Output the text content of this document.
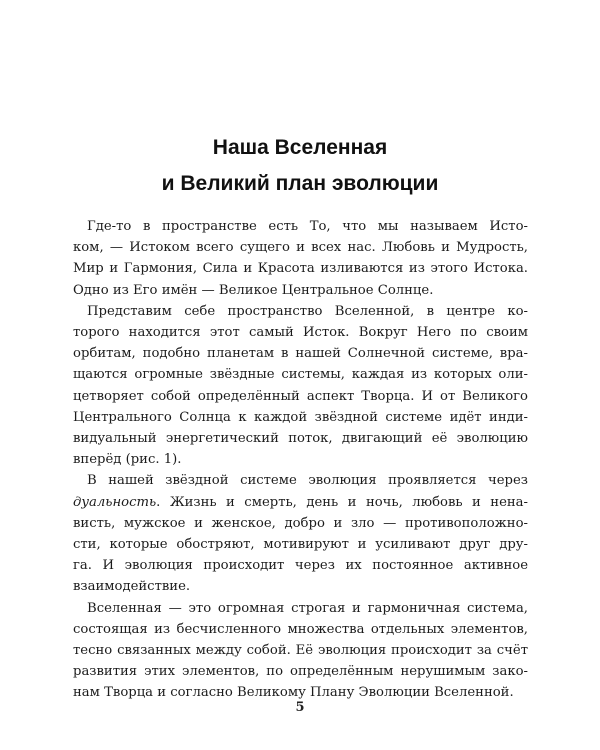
Наша Вселенная
и Великий план эволюции

Где-то в пространстве есть То, что мы называем Исто-
ком, — Истоком всего сущего и всех нас. Любовь и Мудрость,
Мир и Гармония, Сила и Красота изливаются из этого Истока.
Одно из Его имён — Великое Центральное Солнце.

Представим себе пространство Вселенной, в центре ко-
торого находится этот самый Исток. Вокруг Него по своим
орбитам, подобно планетам в нашей Солнечной системе, вра-
щаются огромные звёздные системы, каждая из которых оли-
цетворяет собой определённый аспект Творца. И от Великого
Центрального Солнца к каждой звёздной системе идёт инди-
видуальный энергетический поток, двигающий её эволюцию
вперёд (рис. 1).

В нашей звёздной системе эволюция проявляется через
дуальность. Жизнь и смерть, день и ночь, любовь и нена-
висть, мужское и женское, добро и зло — противоположно-
сти, которые обостряют, мотивируют и усиливают друг дру-
га. И эволюция происходит через их постоянное активное
взаимодействие.

Вселенная — это огромная строгая и гармоничная система,
состоящая из бесчисленного множества отдельных элементов,
тесно связанных между собой. Её эволюция происходит за счёт
развития этих элементов, по определённым нерушимым зако-
нам Творца и согласно Великому Плану Эволюции Вселенной.

5
